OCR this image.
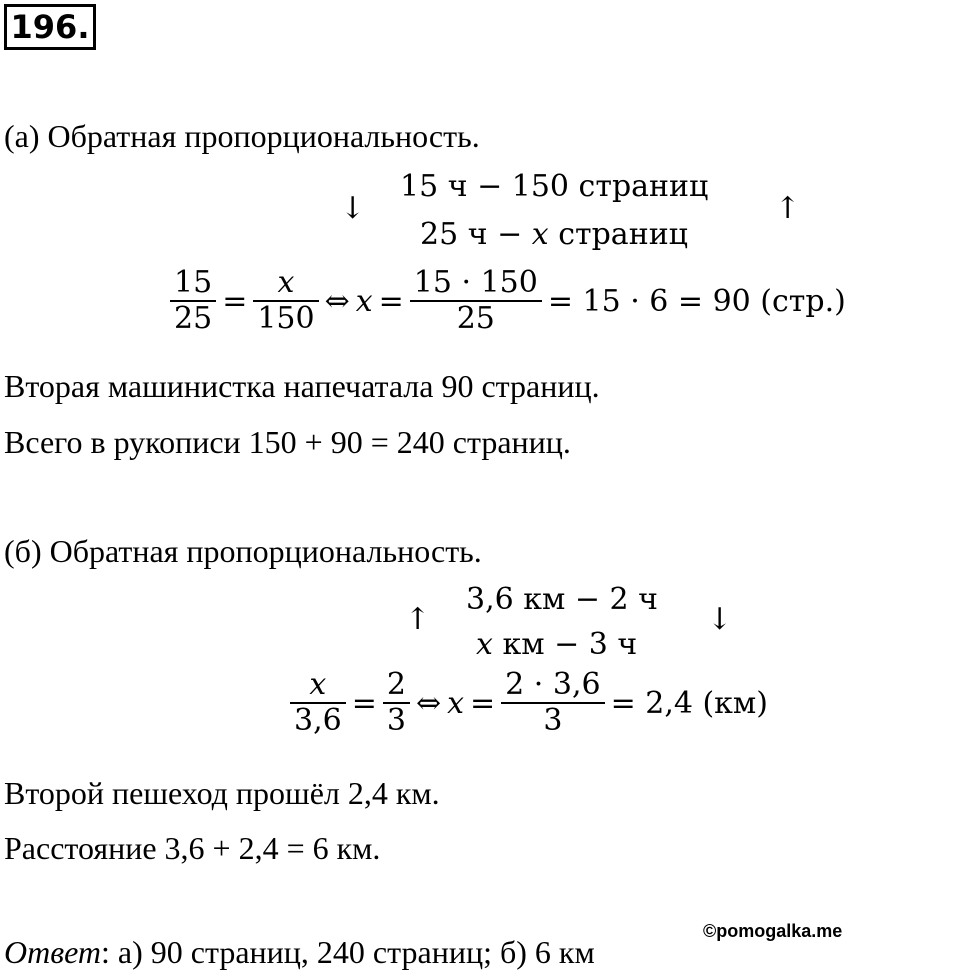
196.
(а) Обратная пропорциональность.
↓
15 ч − 150 страниц
25 ч − 𝑥 страниц
↑
$\frac{15}{25} = \frac{\text{𝑥}}{150}$ ⇔ 𝑥 = $\frac{15 \cdot 150}{25} = 15 \cdot 6 = 90$ (стр.)
Вторая машинистка напечатала 90 страниц.
Всего в рукописи 150 + 90 = 240 страниц.
(б) Обратная пропорциональность.
↑
3,6 км − 2 ч
𝑥 км − 3 ч
↓
$\frac{\text{𝑥}}{3,6} = \frac{2}{3}$ ⇔ 𝑥 = $\frac{2 \cdot 3,6}{3} = 2,4$ (км)
Второй пешеход прошёл 2,4 км.
Расстояние 3,6 + 2,4 = 6 км.
©pomogalka.me
Ответ: а) 90 страниц, 240 страниц; б) 6 км
